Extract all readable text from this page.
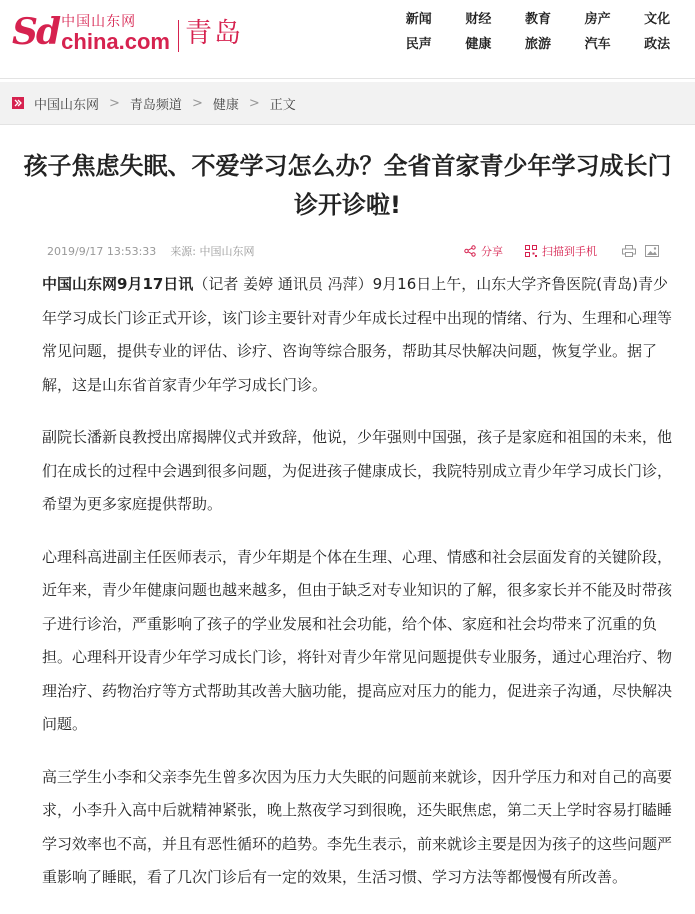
Sd 中国山东网
china.com 青岛	新闻	财经	教育	房产	文化
民声	健康	旅游	汽车	政法
中国山东网 > 青岛频道 > 健康 > 正文
孩子焦虑失眠、不爱学习怎么办？全省首家青少年学习成长门诊开诊啦!
2019/9/17 13:53:33 来源: 中国山东网	分享	扫描到手机

中国山东网9月17日讯（记者 姜婷 通讯员 冯萍）9月16日上午，山东大学齐鲁医院(青岛)青少年学习成长门诊正式开诊，该门诊主要针对青少年成长过程中出现的情绪、行为、生理和心理等常见问题，提供专业的评估、诊疗、咨询等综合服务，帮助其尽快解决问题，恢复学业。据了解，这是山东省首家青少年学习成长门诊。

副院长潘新良教授出席揭牌仪式并致辞，他说，少年强则中国强，孩子是家庭和祖国的未来，他们在成长的过程中会遇到很多问题，为促进孩子健康成长，我院特别成立青少年学习成长门诊，希望为更多家庭提供帮助。

心理科高进副主任医师表示，青少年期是个体在生理、心理、情感和社会层面发育的关键阶段，近年来，青少年健康问题也越来越多，但由于缺乏对专业知识的了解，很多家长并不能及时带孩子进行诊治，严重影响了孩子的学业发展和社会功能，给个体、家庭和社会均带来了沉重的负担。心理科开设青少年学习成长门诊，将针对青少年常见问题提供专业服务，通过心理治疗、物理治疗、药物治疗等方式帮助其改善大脑功能，提高应对压力的能力，促进亲子沟通，尽快解决问题。

高三学生小李和父亲李先生曾多次因为压力大失眠的问题前来就诊，因升学压力和对自己的高要求，小李升入高中后就精神紧张，晚上熬夜学习到很晚，还失眠焦虑，第二天上学时容易打瞌睡学习效率也不高，并且有恶性循环的趋势。李先生表示，前来就诊主要是因为孩子的这些问题严重影响了睡眠，看了几次门诊后有一定的效果，生活习惯、学习方法等都慢慢有所改善。
